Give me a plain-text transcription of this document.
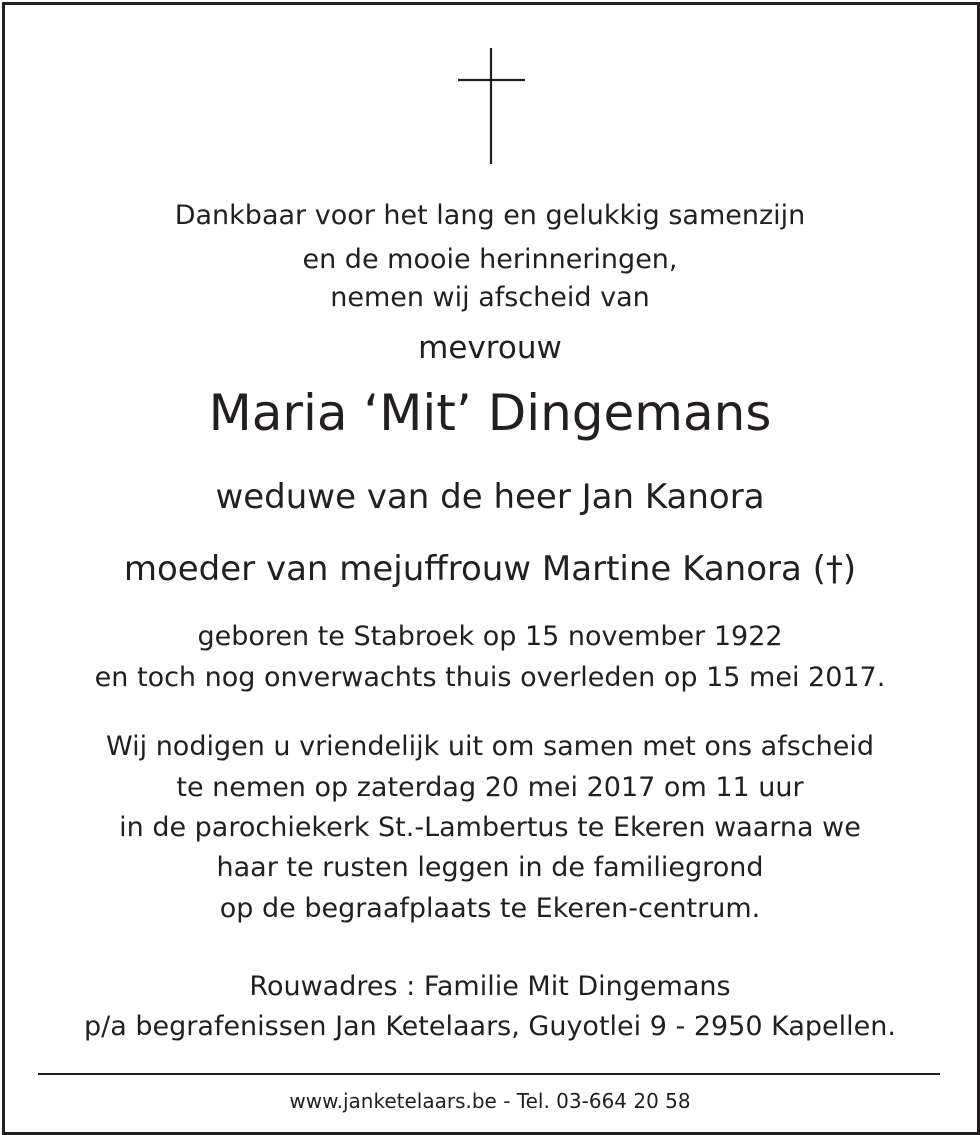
Dankbaar voor het lang en gelukkig samenzijn
en de mooie herinneringen,
nemen wij afscheid van
mevrouw
Maria ‘Mit’ Dingemans
weduwe van de heer Jan Kanora
moeder van mejuffrouw Martine Kanora (†)
geboren te Stabroek op 15 november 1922
en toch nog onverwachts thuis overleden op 15 mei 2017.
Wij nodigen u vriendelijk uit om samen met ons afscheid
te nemen op zaterdag 20 mei 2017 om 11 uur
in de parochiekerk St.-Lambertus te Ekeren waarna we
haar te rusten leggen in de familiegrond
op de begraafplaats te Ekeren-centrum.
Rouwadres : Familie Mit Dingemans
p/a begrafenissen Jan Ketelaars, Guyotlei 9 - 2950 Kapellen.
www.janketelaars.be - Tel. 03-664 20 58
